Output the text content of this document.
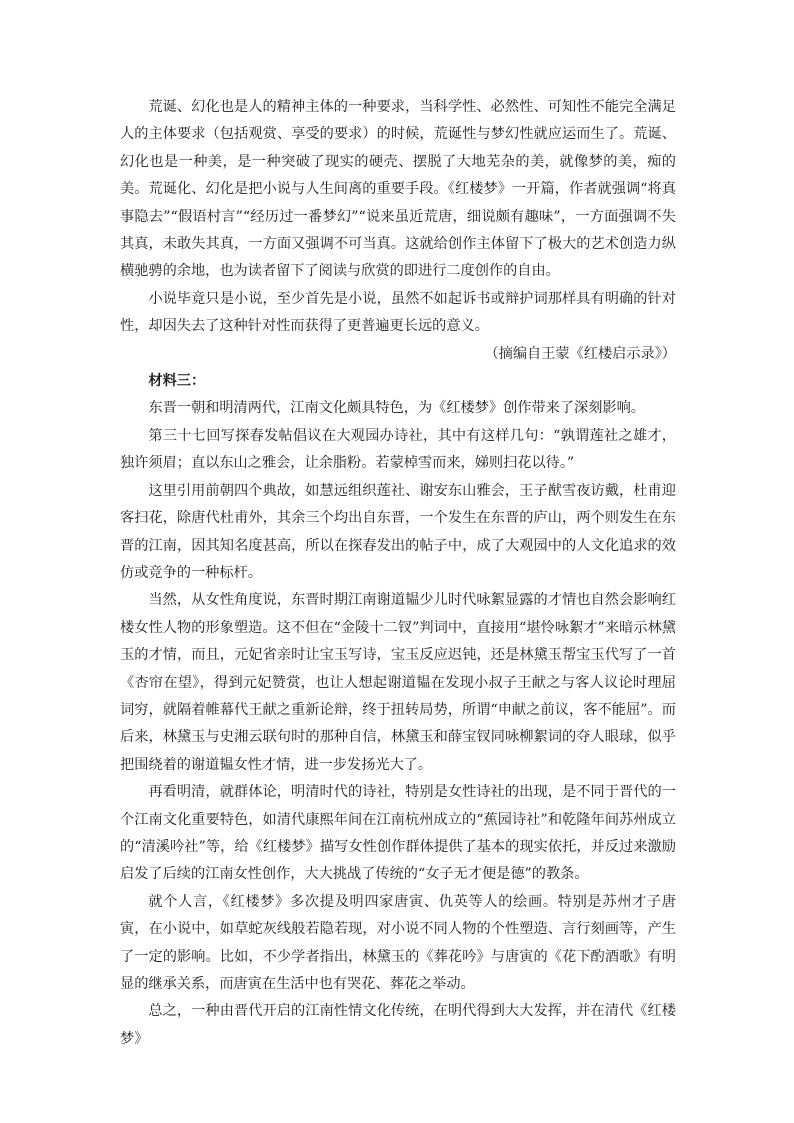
荒诞、幻化也是人的精神主体的一种要求，当科学性、必然性、可知性不能完全满足人的主体要求（包括观赏、享受的要求）的时候，荒诞性与梦幻性就应运而生了。荒诞、幻化也是一种美，是一种突破了现实的硬壳、摆脱了大地芜杂的美，就像梦的美，痴的美。荒诞化、幻化是把小说与人生间离的重要手段。《红楼梦》一开篇，作者就强调“将真事隐去”“假语村言”“经历过一番梦幻”“说来虽近荒唐，细说颇有趣味”，一方面强调不失其真，未敢失其真，一方面又强调不可当真。这就给创作主体留下了极大的艺术创造力纵横驰骋的余地，也为读者留下了阅读与欣赏的即进行二度创作的自由。

小说毕竟只是小说，至少首先是小说，虽然不如起诉书或辩护词那样具有明确的针对性，却因失去了这种针对性而获得了更普遍更长远的意义。

（摘编自王蒙《红楼启示录》）

材料三：

东晋一朝和明清两代，江南文化颇具特色，为《红楼梦》创作带来了深刻影响。

第三十七回写探春发帖倡议在大观园办诗社，其中有这样几句：“孰谓莲社之雄才，独许须眉；直以东山之雅会，让余脂粉。若蒙棹雪而来，娣则扫花以待。”

这里引用前朝四个典故，如慧远组织莲社、谢安东山雅会，王子猷雪夜访戴，杜甫迎客扫花，除唐代杜甫外，其余三个均出自东晋，一个发生在东晋的庐山，两个则发生在东晋的江南，因其知名度甚高，所以在探春发出的帖子中，成了大观园中的人文化追求的效仿或竞争的一种标杆。

当然，从女性角度说，东晋时期江南谢道韫少儿时代咏絮显露的才情也自然会影响红楼女性人物的形象塑造。这不但在“金陵十二钗”判词中，直接用“堪怜咏絮才”来暗示林黛玉的才情，而且，元妃省亲时让宝玉写诗，宝玉反应迟钝，还是林黛玉帮宝玉代写了一首《杏帘在望》，得到元妃赞赏，也让人想起谢道韫在发现小叔子王献之与客人议论时理屈词穷，就隔着帷幕代王献之重新论辩，终于扭转局势，所谓“申献之前议，客不能屈”。而后来，林黛玉与史湘云联句时的那种自信，林黛玉和薛宝钗同咏柳絮词的夺人眼球，似乎把围绕着的谢道韫女性才情，进一步发扬光大了。

再看明清，就群体论，明清时代的诗社，特别是女性诗社的出现，是不同于晋代的一个江南文化重要特色，如清代康熙年间在江南杭州成立的“蕉园诗社”和乾隆年间苏州成立的“清溪吟社”等，给《红楼梦》描写女性创作群体提供了基本的现实依托，并反过来激励启发了后续的江南女性创作，大大挑战了传统的“女子无才便是德”的教条。

就个人言，《红楼梦》多次提及明四家唐寅、仇英等人的绘画。特别是苏州才子唐寅，在小说中，如草蛇灰线般若隐若现，对小说不同人物的个性塑造、言行刻画等，产生了一定的影响。比如，不少学者指出，林黛玉的《葬花吟》与唐寅的《花下酌酒歌》有明显的继承关系，而唐寅在生活中也有哭花、葬花之举动。

总之，一种由晋代开启的江南性情文化传统，在明代得到大大发挥，并在清代《红楼梦》
